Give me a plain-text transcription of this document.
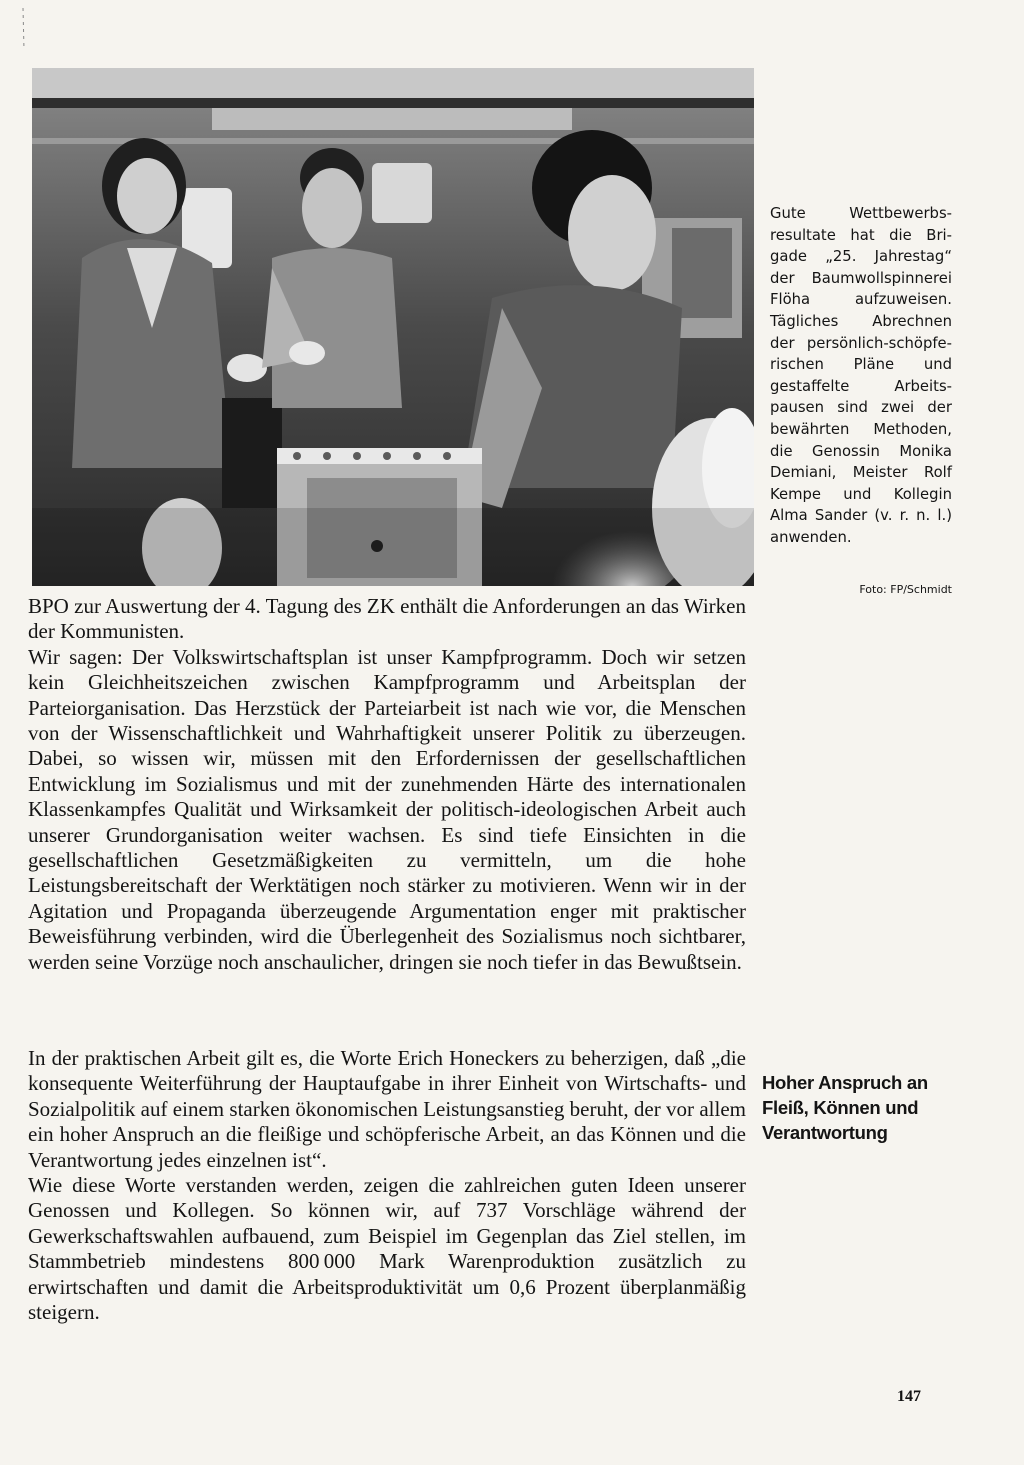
Gute Wettbewerbsresultate hat die Brigade „25. Jahrestag“ der Baumwollspinnerei Flöha aufzuweisen. Tägliches Abrechnen der persönlich-schöpferischen Pläne und gestaffelte Arbeitspausen sind zwei der bewährten Methoden, die Genossin Monika Demiani, Meister Rolf Kempe und Kollegin Alma Sander (v. r. n. l.) anwenden.
Foto: FP/Schmidt

BPO zur Auswertung der 4. Tagung des ZK enthält die Anforderungen an das Wirken der Kommunisten.

Wir sagen: Der Volkswirtschaftsplan ist unser Kampfprogramm. Doch wir setzen kein Gleichheitszeichen zwischen Kampfprogramm und Arbeitsplan der Parteiorganisation. Das Herzstück der Parteiarbeit ist nach wie vor, die Menschen von der Wissenschaftlichkeit und Wahrhaftigkeit unserer Politik zu überzeugen. Dabei, so wissen wir, müssen mit den Erfordernissen der gesellschaftlichen Entwicklung im Sozialismus und mit der zunehmenden Härte des internationalen Klassenkampfes Qualität und Wirksamkeit der politisch-ideologischen Arbeit auch unserer Grundorganisation weiter wachsen. Es sind tiefe Einsichten in die gesellschaftlichen Gesetzmäßigkeiten zu vermitteln, um die hohe Leistungsbereitschaft der Werktätigen noch stärker zu motivieren. Wenn wir in der Agitation und Propaganda überzeugende Argumentation enger mit praktischer Beweisführung verbinden, wird die Überlegenheit des Sozialismus noch sichtbarer, werden seine Vorzüge noch anschaulicher, dringen sie noch tiefer in das Bewußtsein.

In der praktischen Arbeit gilt es, die Worte Erich Honeckers zu beherzigen, daß „die konsequente Weiterführung der Hauptaufgabe in ihrer Einheit von Wirtschafts- und Sozialpolitik auf einem starken ökonomischen Leistungsanstieg beruht, der vor allem ein hoher Anspruch an die fleißige und schöpferische Arbeit, an das Können und die Verantwortung jedes einzelnen ist“.

Wie diese Worte verstanden werden, zeigen die zahlreichen guten Ideen unserer Genossen und Kollegen. So können wir, auf 737 Vorschläge während der Gewerkschaftswahlen aufbauend, zum Beispiel im Gegenplan das Ziel stellen, im Stammbetrieb mindestens 800 000 Mark Warenproduktion zusätzlich zu erwirtschaften und damit die Arbeitsproduktivität um 0,6 Prozent überplanmäßig steigern.

Hoher Anspruch an Fleiß, Können und Verantwortung
147
